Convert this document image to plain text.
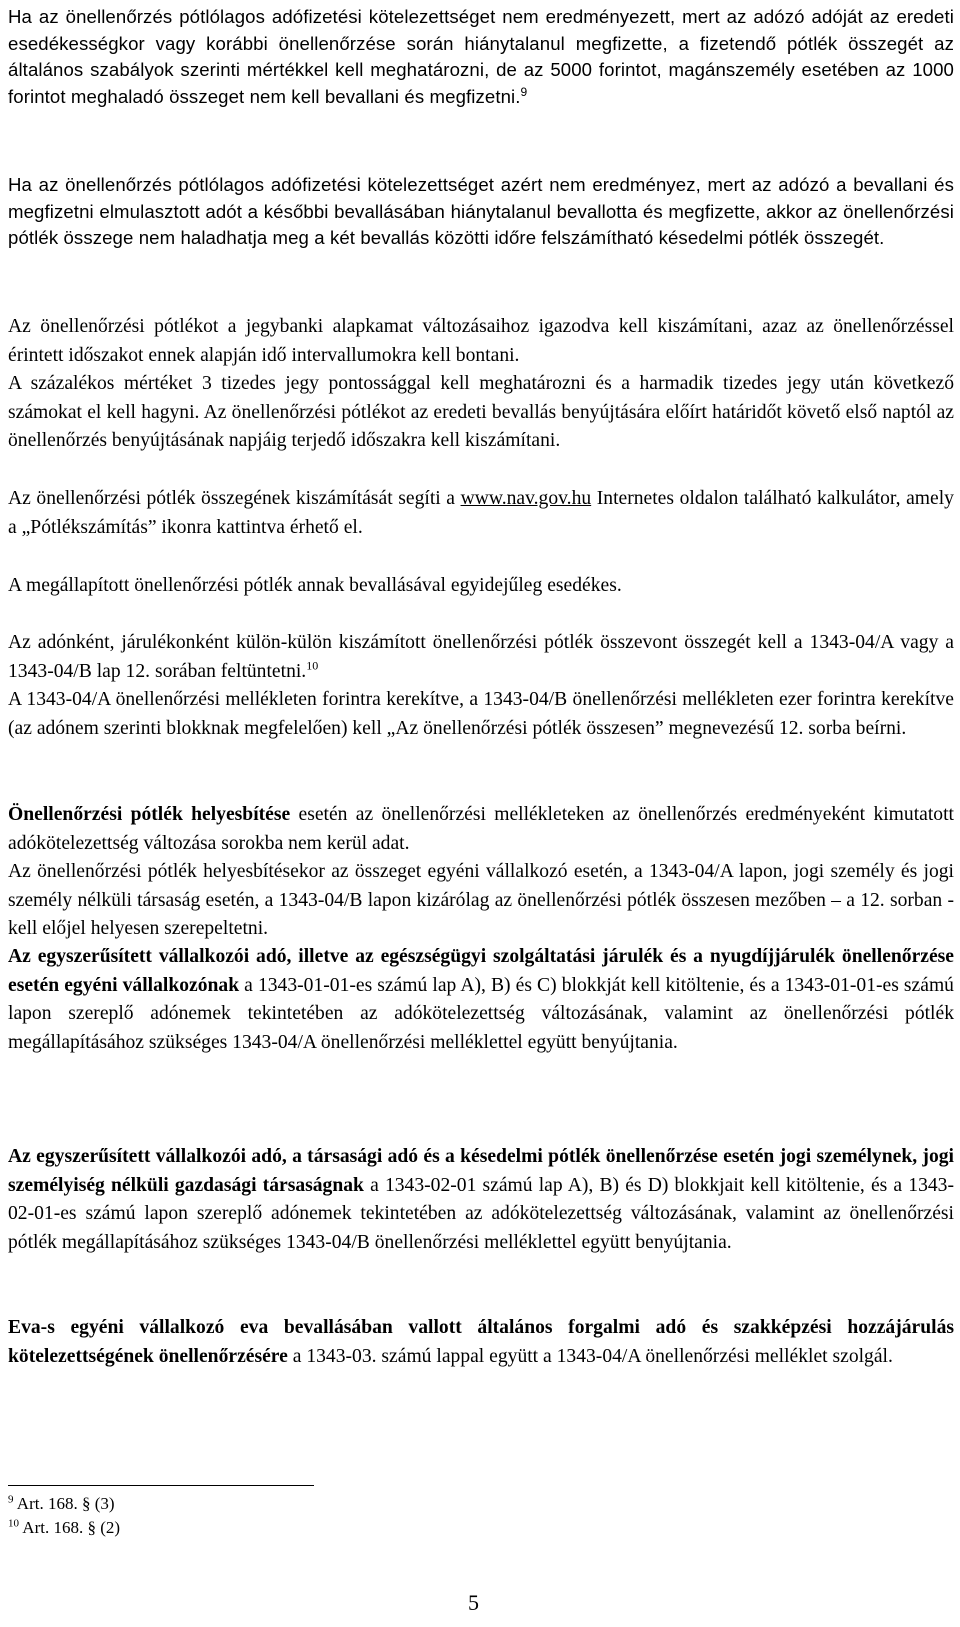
Ha az önellenőrzés pótlólagos adófizetési kötelezettséget nem eredményezett, mert az adózó adóját az eredeti esedékességkor vagy korábbi önellenőrzése során hiánytalanul megfizette, a fizetendő pótlék összegét az általános szabályok szerinti mértékkel kell meghatározni, de az 5000 forintot, magánszemély esetében az 1000 forintot meghaladó összeget nem kell bevallani és megfizetni.$^9$

Ha az önellenőrzés pótlólagos adófizetési kötelezettséget azért nem eredményez, mert az adózó a bevallani és megfizetni elmulasztott adót a későbbi bevallásában hiánytalanul bevallotta és megfizette, akkor az önellenőrzési pótlék összege nem haladhatja meg a két bevallás közötti időre felszámítható késedelmi pótlék összegét.

Az önellenőrzési pótlékot a jegybanki alapkamat változásaihoz igazodva kell kiszámítani, azaz az önellenőrzéssel érintett időszakot ennek alapján idő intervallumokra kell bontani.

A százalékos mértéket 3 tizedes jegy pontossággal kell meghatározni és a harmadik tizedes jegy után következő számokat el kell hagyni. Az önellenőrzési pótlékot az eredeti bevallás benyújtására előírt határidőt követő első naptól az önellenőrzés benyújtásának napjáig terjedő időszakra kell kiszámítani.

Az önellenőrzési pótlék összegének kiszámítását segíti a www.nav.gov.hu Internetes oldalon található kalkulátor, amely a „Pótlékszámítás” ikonra kattintva érhető el.

A megállapított önellenőrzési pótlék annak bevallásával egyidejűleg esedékes.

Az adónként, járulékonként külön-külön kiszámított önellenőrzési pótlék összevont összegét kell a 1343-04/A vagy a 1343-04/B lap 12. sorában feltüntetni.$^{10}$

A 1343-04/A önellenőrzési mellékleten forintra kerekítve, a 1343-04/B önellenőrzési mellékleten ezer forintra kerekítve (az adónem szerinti blokknak megfelelően) kell „Az önellenőrzési pótlék összesen” megnevezésű 12. sorba beírni.

Önellenőrzési pótlék helyesbítése esetén az önellenőrzési mellékleteken az önellenőrzés eredményeként kimutatott adókötelezettség változása sorokba nem kerül adat.

Az önellenőrzési pótlék helyesbítésekor az összeget egyéni vállalkozó esetén, a 1343-04/A lapon, jogi személy és jogi személy nélküli társaság esetén, a 1343-04/B lapon kizárólag az önellenőrzési pótlék összesen mezőben – a 12. sorban - kell előjel helyesen szerepeltetni.

Az egyszerűsített vállalkozói adó, illetve az egészségügyi szolgáltatási járulék és a nyugdíjjárulék önellenőrzése esetén egyéni vállalkozónak a 1343-01-01-es számú lap A), B) és C) blokkját kell kitöltenie, és a 1343-01-01-es számú lapon szereplő adónemek tekintetében az adókötelezettség változásának, valamint az önellenőrzési pótlék megállapításához szükséges 1343-04/A önellenőrzési melléklettel együtt benyújtania.

Az egyszerűsített vállalkozói adó, a társasági adó és a késedelmi pótlék önellenőrzése esetén jogi személynek, jogi személyiség nélküli gazdasági társaságnak a 1343-02-01 számú lap A), B) és D) blokkjait kell kitöltenie, és a 1343-02-01-es számú lapon szereplő adónemek tekintetében az adókötelezettség változásának, valamint az önellenőrzési pótlék megállapításához szükséges 1343-04/B önellenőrzési melléklettel együtt benyújtania.

Eva-s egyéni vállalkozó eva bevallásában vallott általános forgalmi adó és szakképzési hozzájárulás kötelezettségének önellenőrzésére a 1343-03. számú lappal együtt a 1343-04/A önellenőrzési melléklet szolgál.

$^9$ Art. 168. § (3)
$^{10}$ Art. 168. § (2)
5
